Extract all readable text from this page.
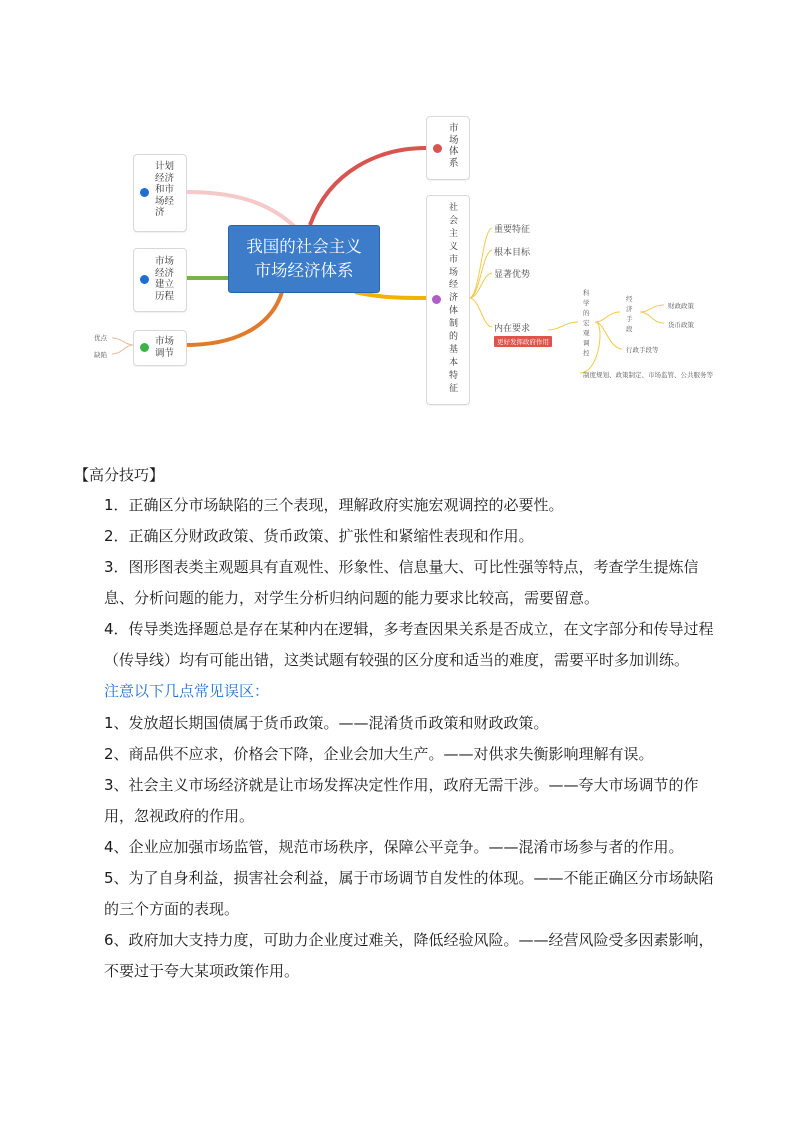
我国的社会主义
市场经济体系
计划
经济
和市
场经
济
市场
经济
建立
历程
市场
调节
优点
缺陷
市
场
体
系
社
会
主
义
市
场
经
济
体
制
的
基
本
特
征
重要特征
根本目标
显著优势
内在要求
更好发挥政府作用
科
学
的
宏
观
调
控
经
济
手
段
财政政策
货币政策
行政手段等
制度规划、政策制定、市场监管、公共服务等
【高分技巧】
1．正确区分市场缺陷的三个表现，理解政府实施宏观调控的必要性。
2．正确区分财政政策、货币政策、扩张性和紧缩性表现和作用。
3．图形图表类主观题具有直观性、形象性、信息量大、可比性强等特点，考查学生提炼信息、分析问题的能力，对学生分析归纳问题的能力要求比较高，需要留意。
4．传导类选择题总是存在某种内在逻辑，多考查因果关系是否成立，在文字部分和传导过程（传导线）均有可能出错，这类试题有较强的区分度和适当的难度，需要平时多加训练。
注意以下几点常见误区：
1、发放超长期国债属于货币政策。——混淆货币政策和财政政策。
2、商品供不应求，价格会下降，企业会加大生产。——对供求失衡影响理解有误。
3、社会主义市场经济就是让市场发挥决定性作用，政府无需干涉。——夸大市场调节的作用，忽视政府的作用。
4、企业应加强市场监管，规范市场秩序，保障公平竞争。——混淆市场参与者的作用。
5、为了自身利益，损害社会利益，属于市场调节自发性的体现。——不能正确区分市场缺陷的三个方面的表现。
6、政府加大支持力度，可助力企业度过难关，降低经验风险。——经营风险受多因素影响，不要过于夸大某项政策作用。
